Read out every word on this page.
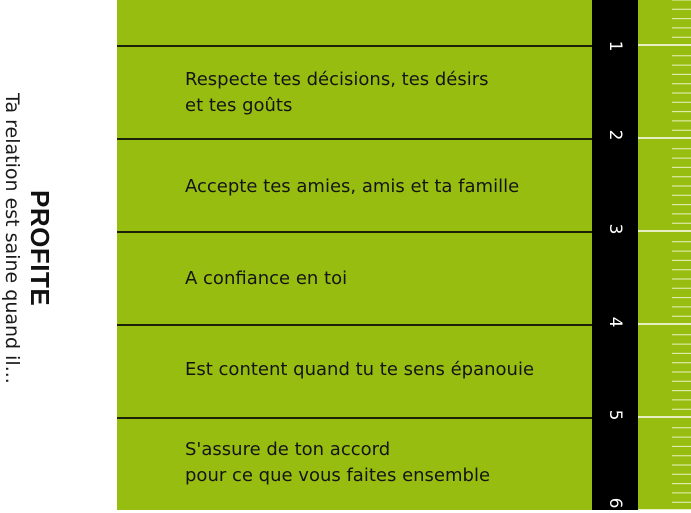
PROFITE
Ta relation est saine quand il...
Respecte tes décisions, tes désirs
et tes goûts
Accepte tes amies, amis et ta famille
A confiance en toi
Est content quand tu te sens épanouie
S'assure de ton accord
pour ce que vous faites ensemble
1
2
3
4
5
6
